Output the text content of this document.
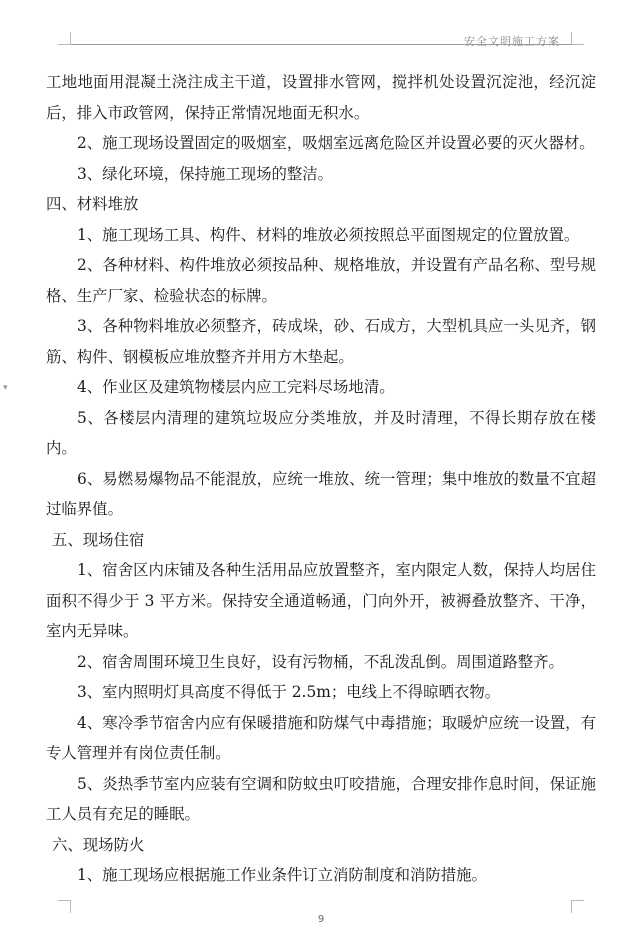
安全文明施工方案
▾

工地地面用混凝土浇注成主干道，设置排水管网，搅拌机处设置沉淀池，经沉淀后，排入市政管网，保持正常情况地面无积水。

2、施工现场设置固定的吸烟室，吸烟室远离危险区并设置必要的灭火器材。

3、绿化环境，保持施工现场的整洁。

四、材料堆放

1、施工现场工具、构件、材料的堆放必须按照总平面图规定的位置放置。

2、各种材料、构件堆放必须按品种、规格堆放，并设置有产品名称、型号规格、生产厂家、检验状态的标牌。

3、各种物料堆放必须整齐，砖成垛，砂、石成方，大型机具应一头见齐，钢筋、构件、钢模板应堆放整齐并用方木垫起。

4、作业区及建筑物楼层内应工完料尽场地清。

5、各楼层内清理的建筑垃圾应分类堆放，并及时清理，不得长期存放在楼内。

6、易燃易爆物品不能混放，应统一堆放、统一管理；集中堆放的数量不宜超过临界值。

五、现场住宿

1、宿舍区内床铺及各种生活用品应放置整齐，室内限定人数，保持人均居住面积不得少于 3 平方米。保持安全通道畅通，门向外开，被褥叠放整齐、干净，室内无异味。

2、宿舍周围环境卫生良好，设有污物桶，不乱泼乱倒。周围道路整齐。

3、室内照明灯具高度不得低于 2.5m；电线上不得晾晒衣物。

4、寒冷季节宿舍内应有保暖措施和防煤气中毒措施；取暖炉应统一设置，有专人管理并有岗位责任制。

5、炎热季节室内应装有空调和防蚊虫叮咬措施，合理安排作息时间，保证施工人员有充足的睡眠。

六、现场防火

1、施工现场应根据施工作业条件订立消防制度和消防措施。

9
